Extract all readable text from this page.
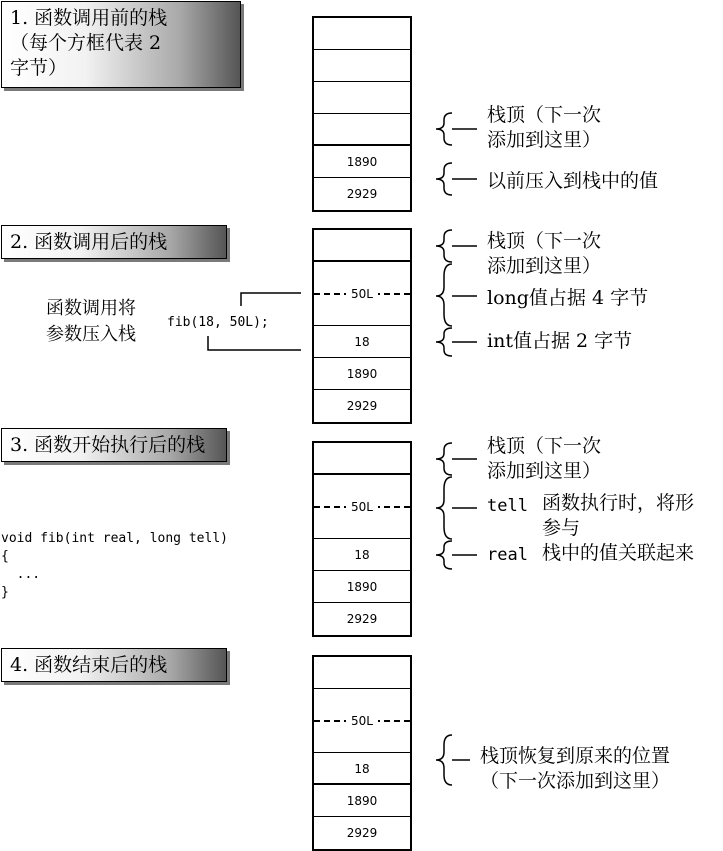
1. 函数调用前的栈
（每个方框代表 2
字节）
1890
2929
栈顶（下一次
添加到这里）
以前压入到栈中的值
2. 函数调用后的栈
50L
18
1890
2929
函数调用将
参数压入栈
fib(18, 50L);
栈顶（下一次
添加到这里）
long值占据 4 字节
int值占据 2 字节
3. 函数开始执行后的栈
50L
18
1890
2929
void fib(int real, long tell)
{
...
}
栈顶（下一次
添加到这里）
tell
real
函数执行时，将形
参与
栈中的值关联起来
4. 函数结束后的栈
50L
18
1890
2929
栈顶恢复到原来的位置
（下一次添加到这里）
